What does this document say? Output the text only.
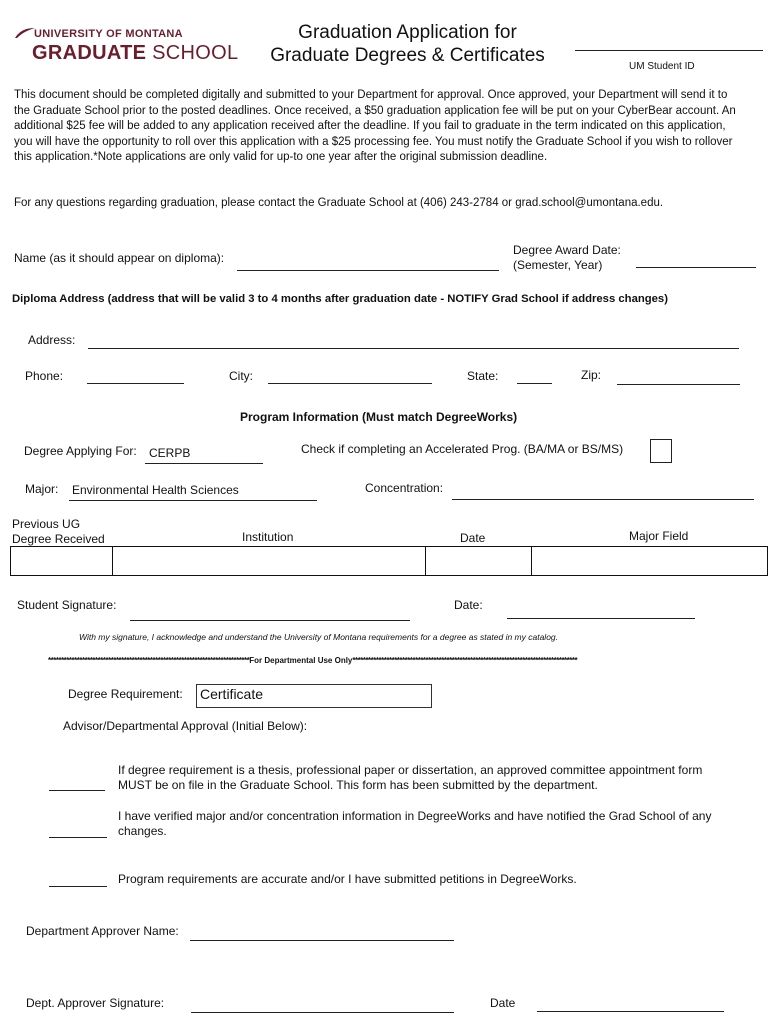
UNIVERSITY OF MONTANA
GRADUATE SCHOOL
Graduation Application for
Graduate Degrees & Certificates
UM Student ID
This document should be completed digitally and submitted to your Department for approval. Once approved, your Department will send it to the Graduate School prior to the posted deadlines. Once received, a $50 graduation application fee will be put on your CyberBear account. An additional $25 fee will be added to any application received after the deadline. If you fail to graduate in the term indicated on this application, you will have the opportunity to roll over this application with a $25 processing fee. You must notify the Graduate School if you wish to rollover this application.*Note applications are only valid for up-to one year after the original submission deadline.
For any questions regarding graduation, please contact the Graduate School at (406) 243-2784 or grad.school@umontana.edu.
Name (as it should appear on diploma):
Degree Award Date:
(Semester, Year)
Diploma Address (address that will be valid 3 to 4 months after graduation date - NOTIFY Grad School if address changes)
Address:
Phone:	City:	State:	Zip:
Program Information (Must match DegreeWorks)
Degree Applying For: CERPB	Check if completing an Accelerated Prog. (BA/MA or BS/MS)
Major: Environmental Health Sciences	Concentration:
Previous UG
Degree Received	Institution	Date	Major Field
Student Signature:	Date:
With my signature, I acknowledge and understand the University of Montana requirements for a degree as stated in my catalog.
*****************************************************************************For Departmental Use Only**************************************************************************************
Degree Requirement: Certificate
Advisor/Departmental Approval (Initial Below):
If degree requirement is a thesis, professional paper or dissertation, an approved committee appointment form MUST be on file in the Graduate School. This form has been submitted by the department.
I have verified major and/or concentration information in DegreeWorks and have notified the Grad School of any changes.
Program requirements are accurate and/or I have submitted petitions in DegreeWorks.
Department Approver Name:
Dept. Approver Signature:	Date
